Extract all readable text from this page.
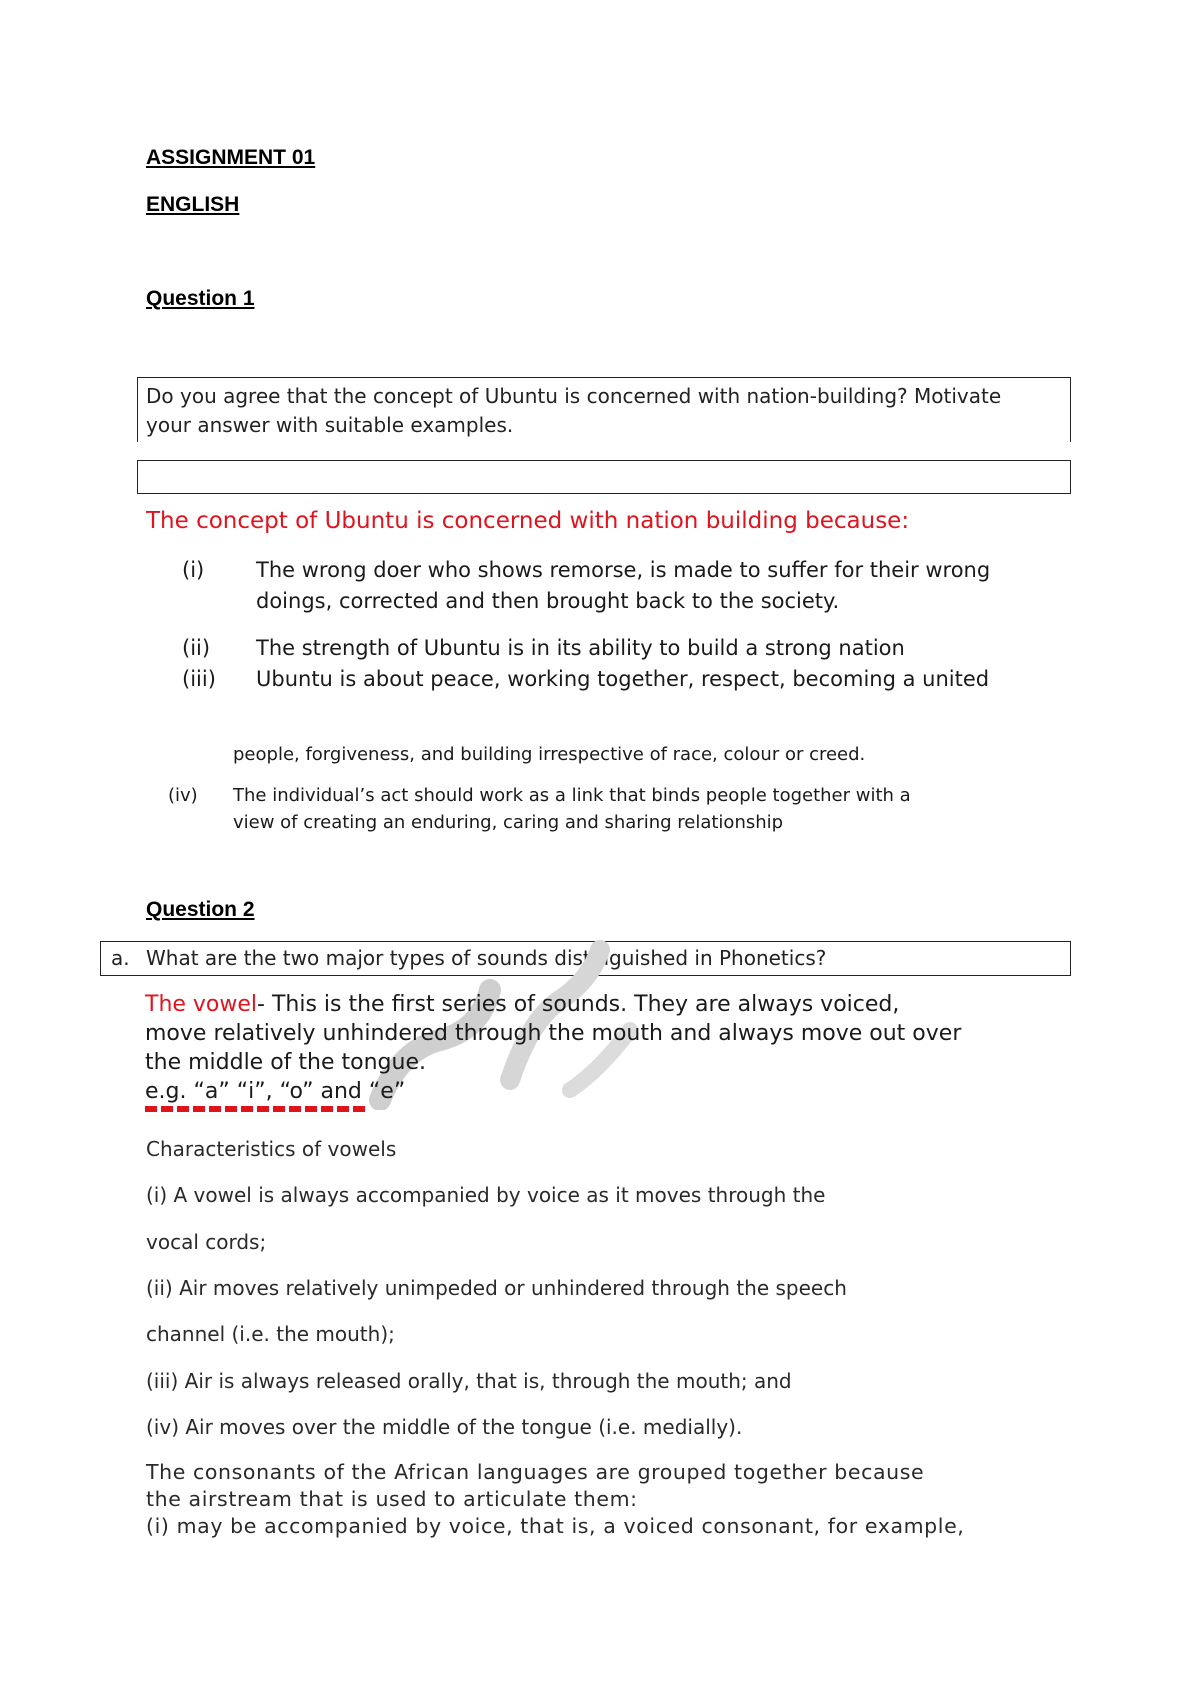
ASSIGNMENT 01
ENGLISH
Question 1
Do you agree that the concept of Ubuntu is concerned with nation-building? Motivate
your answer with suitable examples.
The concept of Ubuntu is concerned with nation building because:
(i) The wrong doer who shows remorse, is made to suffer for their wrong
doings, corrected and then brought back to the society.
(ii) The strength of Ubuntu is in its ability to build a strong nation
(iii) Ubuntu is about peace, working together, respect, becoming a united
people, forgiveness, and building irrespective of race, colour or creed.
(iv) The individual’s act should work as a link that binds people together with a
view of creating an enduring, caring and sharing relationship
Question 2
a. What are the two major types of sounds distinguished in Phonetics?
The vowel- This is the first series of sounds. They are always voiced,
move relatively unhindered through the mouth and always move out over
the middle of the tongue.
e.g. “a” “i”, “o” and “e”
Characteristics of vowels
(i) A vowel is always accompanied by voice as it moves through the
vocal cords;
(ii) Air moves relatively unimpeded or unhindered through the speech
channel (i.e. the mouth);
(iii) Air is always released orally, that is, through the mouth; and
(iv) Air moves over the middle of the tongue (i.e. medially).
The consonants of the African languages are grouped together because
the airstream that is used to articulate them:
(i) may be accompanied by voice, that is, a voiced consonant, for example,
